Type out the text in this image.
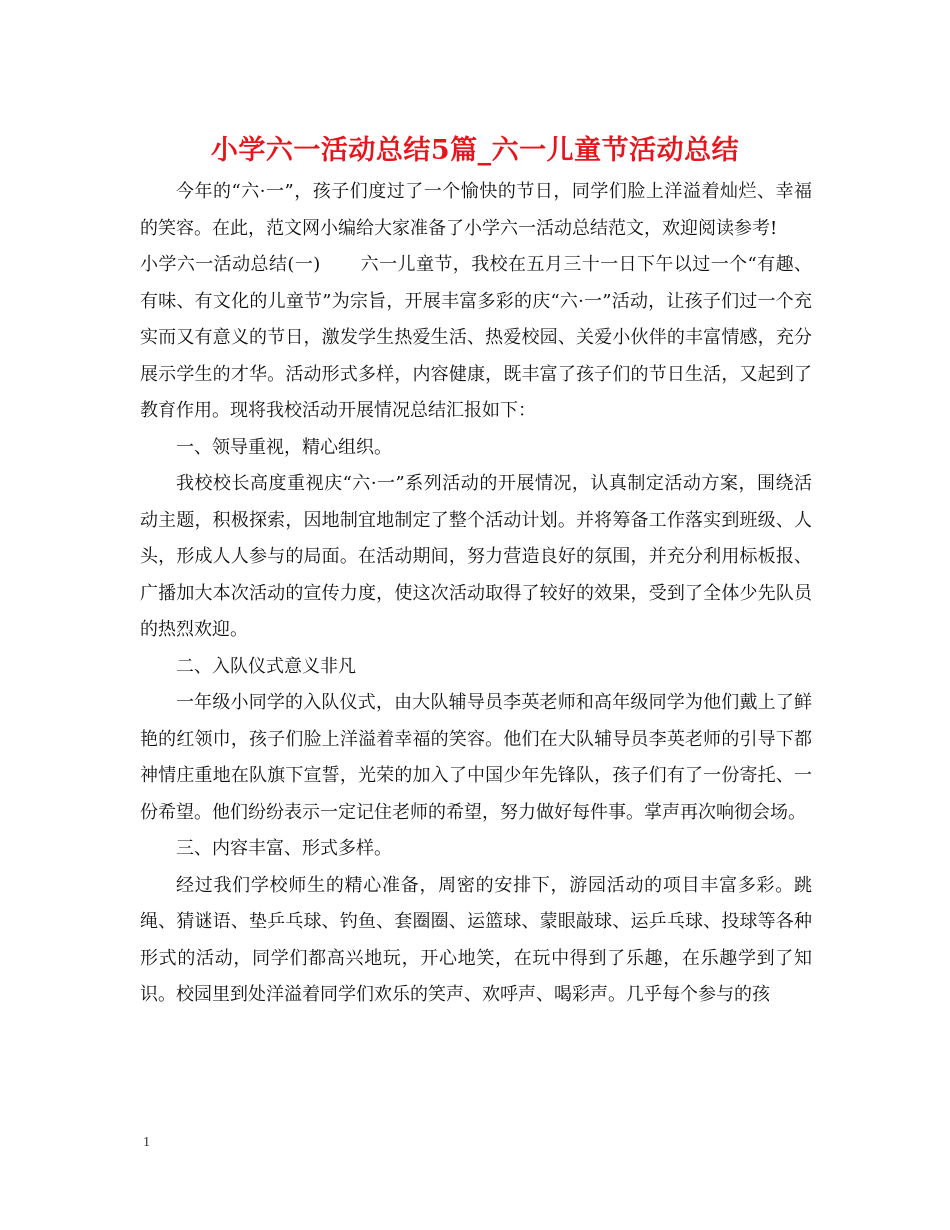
小学六一活动总结5篇_六一儿童节活动总结

今年的“六·一”，孩子们度过了一个愉快的节日，同学们脸上洋溢着灿烂、幸福的笑容。在此，范文网小编给大家准备了小学六一活动总结范文，欢迎阅读参考!

小学六一活动总结(一) 六一儿童节，我校在五月三十一日下午以过一个“有趣、有味、有文化的儿童节”为宗旨，开展丰富多彩的庆“六·一”活动，让孩子们过一个充实而又有意义的节日，激发学生热爱生活、热爱校园、关爱小伙伴的丰富情感，充分展示学生的才华。活动形式多样，内容健康，既丰富了孩子们的节日生活，又起到了教育作用。现将我校活动开展情况总结汇报如下：

一、领导重视，精心组织。

我校校长高度重视庆“六·一”系列活动的开展情况，认真制定活动方案，围绕活动主题，积极探索，因地制宜地制定了整个活动计划。并将筹备工作落实到班级、人头，形成人人参与的局面。在活动期间，努力营造良好的氛围，并充分利用标板报、广播加大本次活动的宣传力度，使这次活动取得了较好的效果，受到了全体少先队员的热烈欢迎。

二、入队仪式意义非凡

一年级小同学的入队仪式，由大队辅导员李英老师和高年级同学为他们戴上了鲜艳的红领巾，孩子们脸上洋溢着幸福的笑容。他们在大队辅导员李英老师的引导下都神情庄重地在队旗下宣誓，光荣的加入了中国少年先锋队，孩子们有了一份寄托、一份希望。他们纷纷表示一定记住老师的希望，努力做好每件事。掌声再次响彻会场。

三、内容丰富、形式多样。

经过我们学校师生的精心准备，周密的安排下，游园活动的项目丰富多彩。跳绳、猜谜语、垫乒乓球、钓鱼、套圈圈、运篮球、蒙眼敲球、运乒乓球、投球等各种形式的活动，同学们都高兴地玩，开心地笑，在玩中得到了乐趣，在乐趣学到了知识。校园里到处洋溢着同学们欢乐的笑声、欢呼声、喝彩声。几乎每个参与的孩

1
